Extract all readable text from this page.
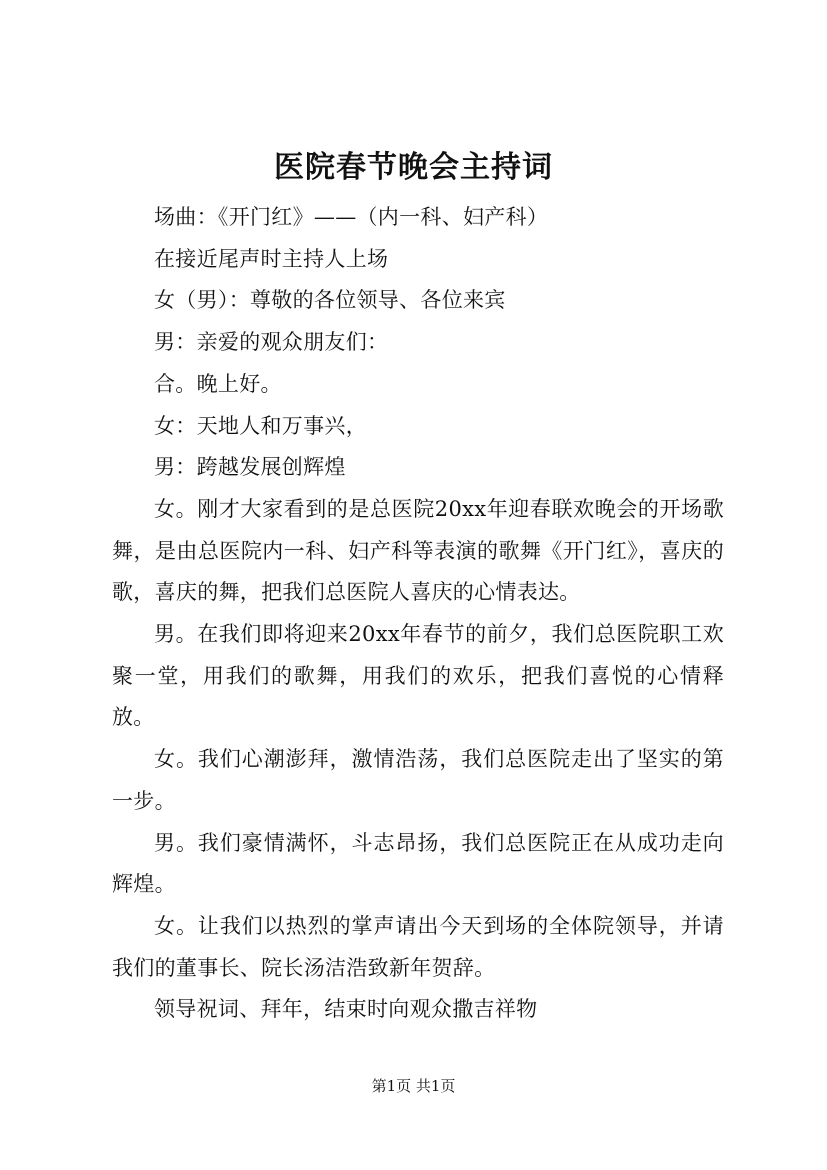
医院春节晚会主持词

场曲：《开门红》——（内一科、妇产科）

在接近尾声时主持人上场

女（男）：尊敬的各位领导、各位来宾

男：亲爱的观众朋友们：

合。晚上好。

女：天地人和万事兴，

男：跨越发展创辉煌

女。刚才大家看到的是总医院20xx年迎春联欢晚会的开场歌舞，是由总医院内一科、妇产科等表演的歌舞《开门红》，喜庆的歌，喜庆的舞，把我们总医院人喜庆的心情表达。

男。在我们即将迎来20xx年春节的前夕，我们总医院职工欢聚一堂，用我们的歌舞，用我们的欢乐，把我们喜悦的心情释放。

女。我们心潮澎拜，激情浩荡，我们总医院走出了坚实的第一步。

男。我们豪情满怀，斗志昂扬，我们总医院正在从成功走向辉煌。

女。让我们以热烈的掌声请出今天到场的全体院领导，并请我们的董事长、院长汤洁浩致新年贺辞。

领导祝词、拜年，结束时向观众撒吉祥物

第1页 共1页
